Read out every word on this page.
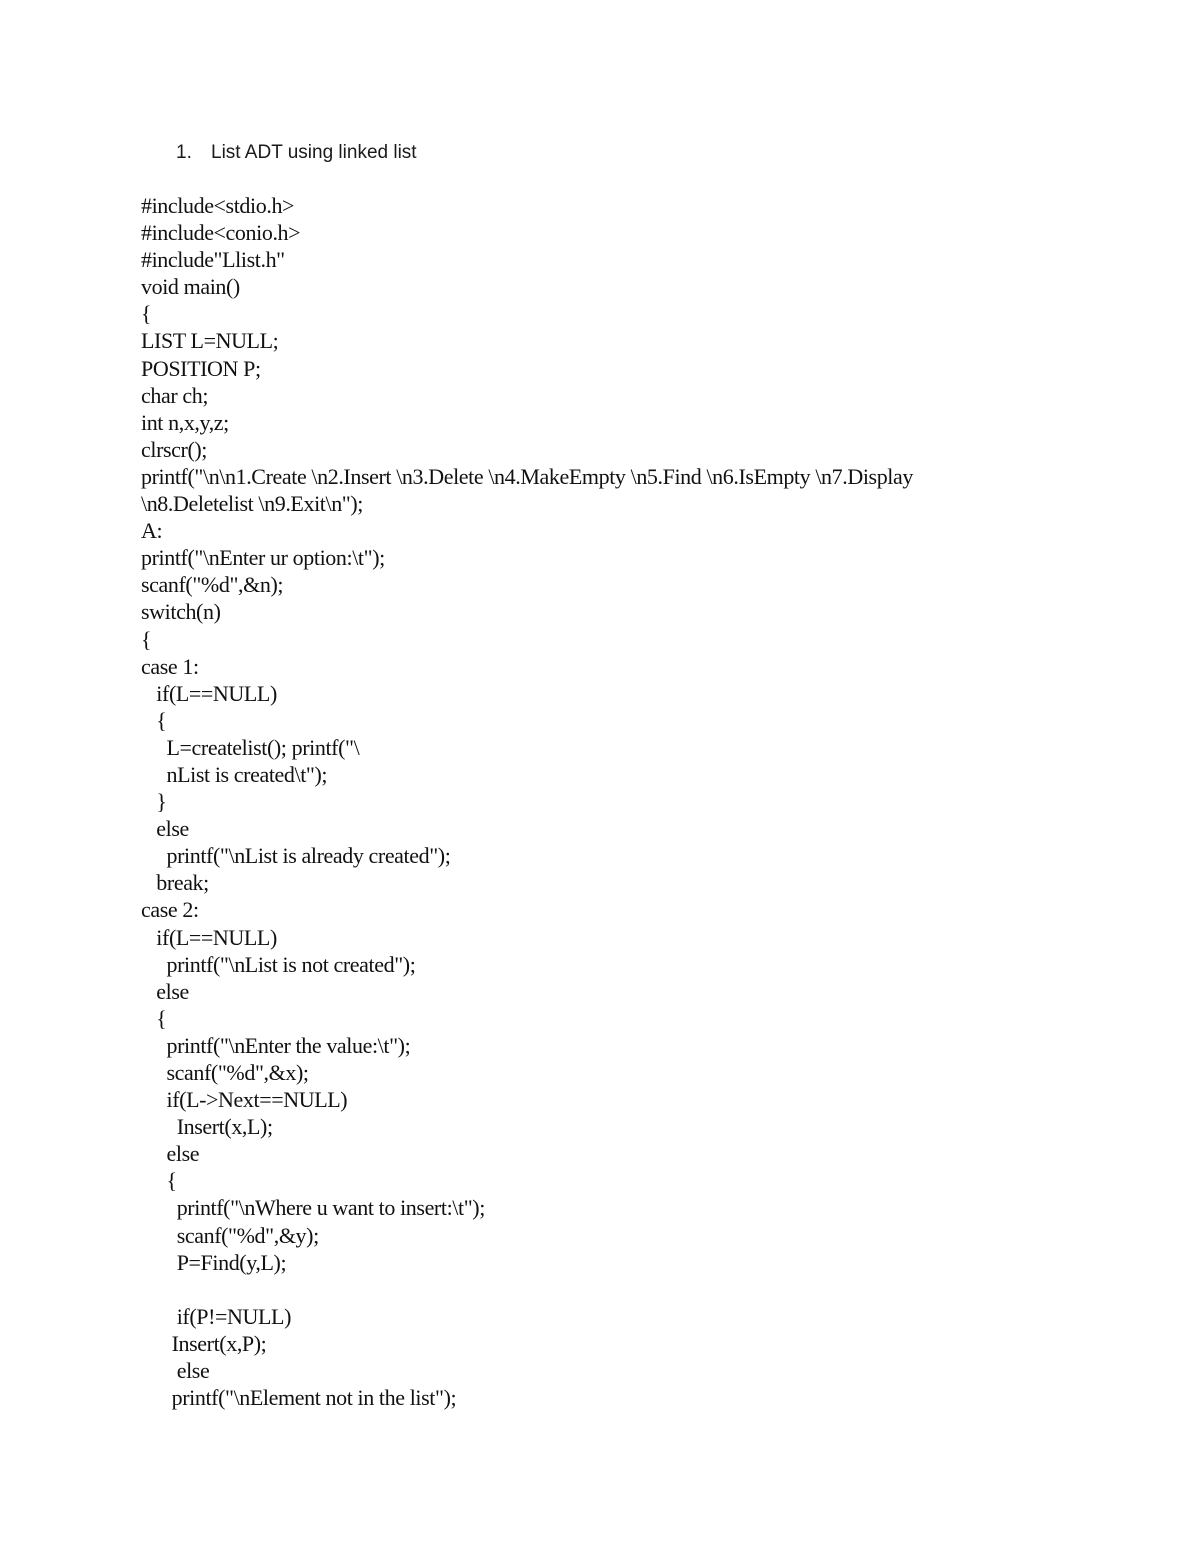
1. List ADT using linked list
#include<stdio.h>
#include<conio.h>
#include"Llist.h"
void main()
{
LIST L=NULL;
POSITION P;
char ch;
int n,x,y,z;
clrscr();
printf("\n\n1.Create \n2.Insert \n3.Delete \n4.MakeEmpty \n5.Find \n6.IsEmpty \n7.Display
\n8.Deletelist \n9.Exit\n");
A:
printf("\nEnter ur option:\t");
scanf("%d",&n);
switch(n)
{
case 1:
if(L==NULL)
{
L=createlist(); printf("\
nList is created\t");
}
else
printf("\nList is already created");
break;
case 2:
if(L==NULL)
printf("\nList is not created");
else
{
printf("\nEnter the value:\t");
scanf("%d",&x);
if(L->Next==NULL)
Insert(x,L);
else
{
printf("\nWhere u want to insert:\t");
scanf("%d",&y);
P=Find(y,L);
if(P!=NULL)
Insert(x,P);
else
printf("\nElement not in the list");
